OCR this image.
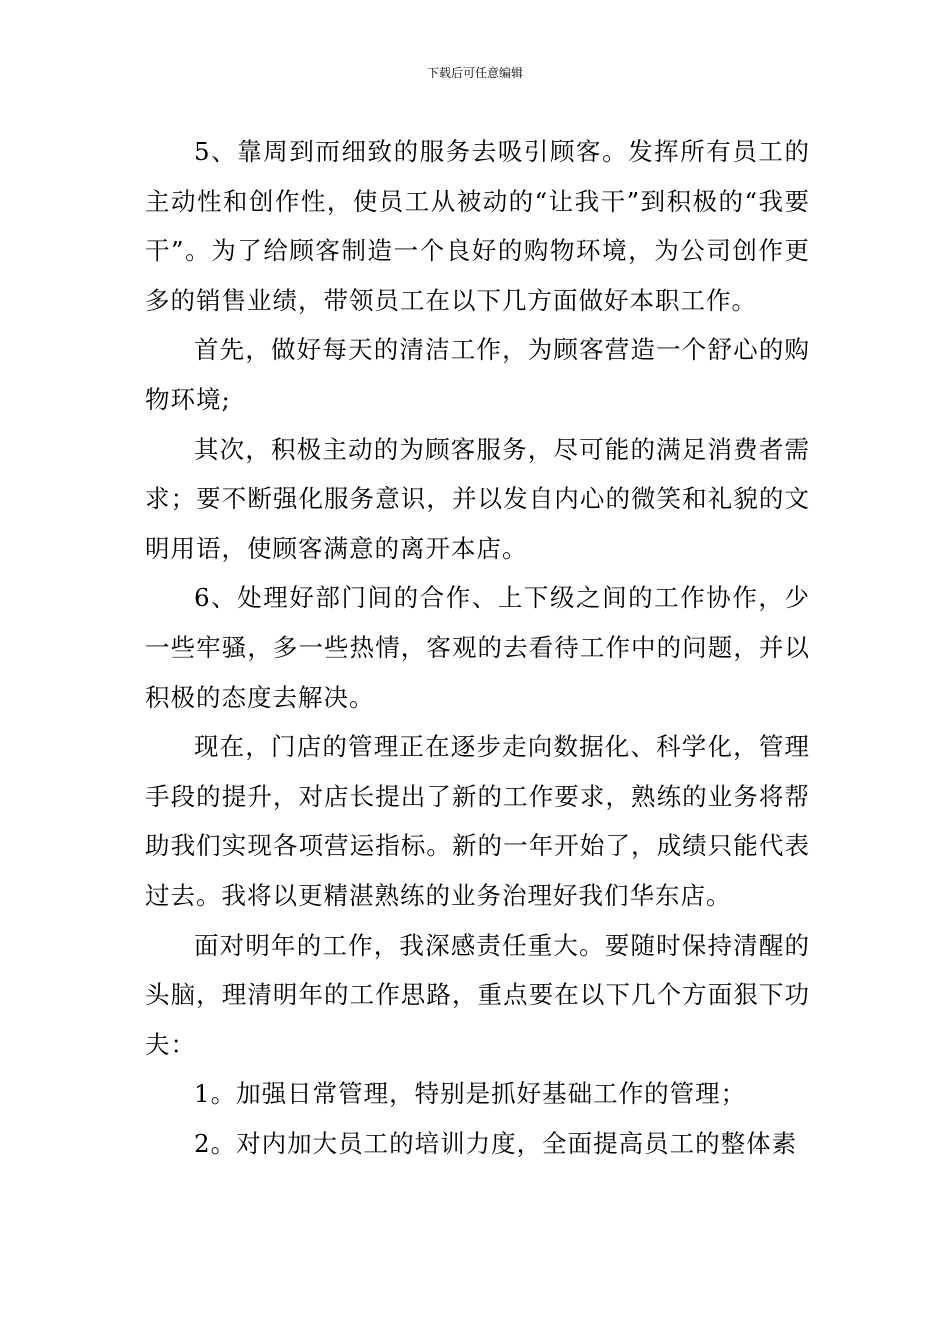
下载后可任意编辑

5、靠周到而细致的服务去吸引顾客。发挥所有员工的主动性和创作性，使员工从被动的“让我干”到积极的“我要干”。为了给顾客制造一个良好的购物环境，为公司创作更多的销售业绩，带领员工在以下几方面做好本职工作。

首先，做好每天的清洁工作，为顾客营造一个舒心的购物环境;

其次，积极主动的为顾客服务，尽可能的满足消费者需求；要不断强化服务意识，并以发自内心的微笑和礼貌的文明用语，使顾客满意的离开本店。

6、处理好部门间的合作、上下级之间的工作协作，少一些牢骚，多一些热情，客观的去看待工作中的问题，并以积极的态度去解决。

现在，门店的管理正在逐步走向数据化、科学化，管理手段的提升，对店长提出了新的工作要求，熟练的业务将帮助我们实现各项营运指标。新的一年开始了，成绩只能代表过去。我将以更精湛熟练的业务治理好我们华东店。

面对明年的工作，我深感责任重大。要随时保持清醒的头脑，理清明年的工作思路，重点要在以下几个方面狠下功夫：

1。加强日常管理，特别是抓好基础工作的管理；

2。对内加大员工的培训力度，全面提高员工的整体素
